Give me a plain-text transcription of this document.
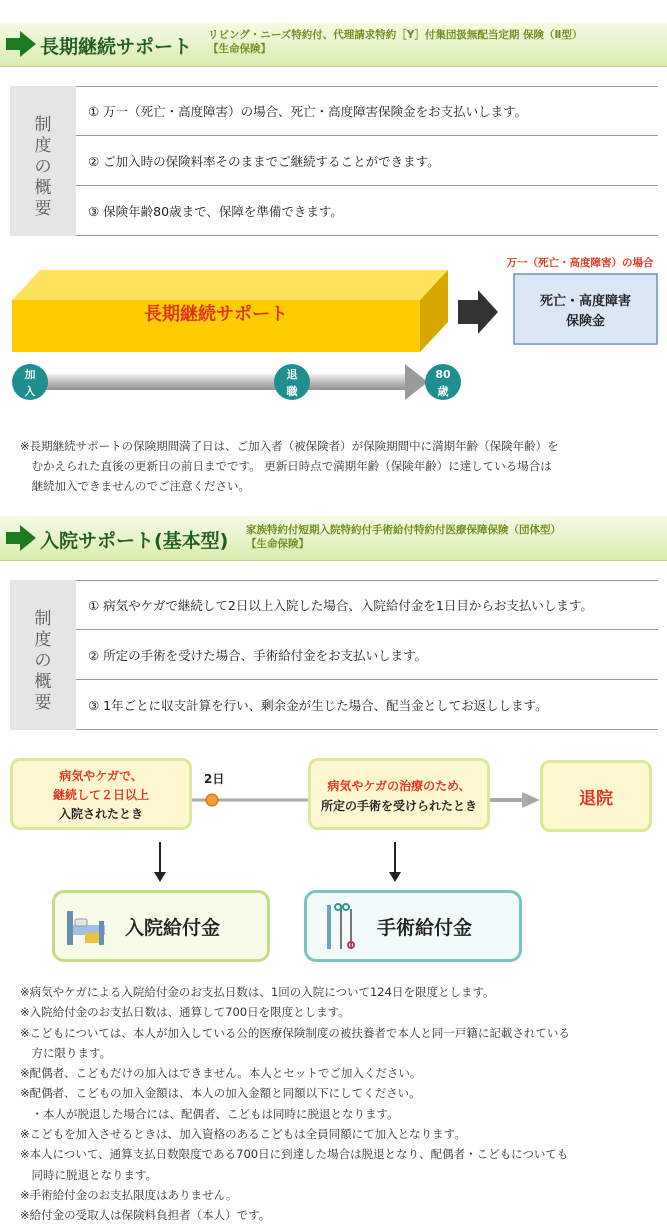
長期継続サポート
リビング・ニーズ特約付、代理請求特約［Y］付集団扱無配当定期 保険（Ⅱ型）
【生命保険】
制
度
の
概
要
① 万一（死亡・高度障害）の場合、死亡・高度障害保険金をお支払いします。
② ご加入時の保険料率そのままでご継続することができます。
③ 保険年齢80歳まで、保障を準備できます。
長期継続サポート
万一（死亡・高度障害）の場合
死亡・高度障害
保険金
加
入
退
職
80
歳
※長期継続サポートの保険期間満了日は、ご加入者（被保険者）が保険期間中に満期年齢（保険年齢）を
　むかえられた直後の更新日の前日までです。 更新日時点で満期年齢（保険年齢）に達している場合は
　継続加入できませんのでご注意ください。
入院サポート(基本型) 家族特約付短期入院特約付手術給付特約付医療保障保険（団体型）
【生命保険】
制
度
の
概
要
① 病気やケガで継続して2日以上入院した場合、入院給付金を1日目からお支払いします。
② 所定の手術を受けた場合、手術給付金をお支払いします。
③ 1年ごとに収支計算を行い、剰余金が生じた場合、配当金としてお返しします。
2日
病気やケガで、
継続して２日以上
入院されたとき
病気やケガの治療のため、
所定の手術を受けられたとき	退院
入院給付金	手術給付金
※病気やケガによる入院給付金のお支払日数は、1回の入院について124日を限度とします。
※入院給付金のお支払日数は、通算して700日を限度とします。
※こどもについては、本人が加入している公的医療保険制度の被扶養者で本人と同一戸籍に記載されている
　方に限ります。
※配偶者、こどもだけの加入はできません。本人とセットでご加入ください。
※配偶者、こどもの加入金額は、本人の加入金額と同額以下にしてください。
　・本人が脱退した場合には、配偶者、こどもは同時に脱退となります。
※こどもを加入させるときは、加入資格のあるこどもは全員同額にて加入となります。
※本人について、通算支払日数限度である700日に到達した場合は脱退となり、配偶者・こどもについても
　同時に脱退となります。
※手術給付金のお支払限度はありません。
※給付金の受取人は保険料負担者（本人）です。
